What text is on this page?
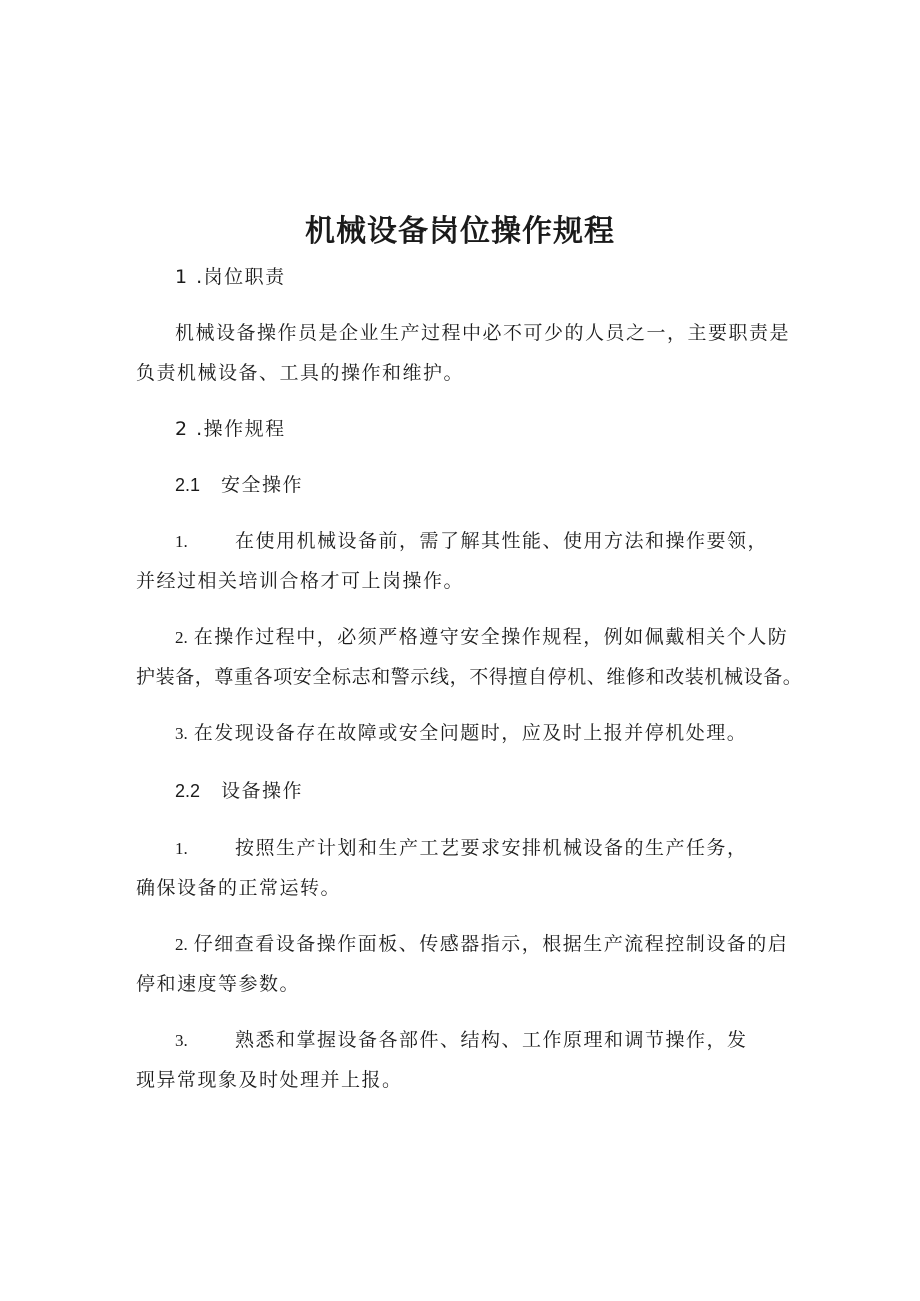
机械设备岗位操作规程
1 .岗位职责
机械设备操作员是企业生产过程中必不可少的人员之一，主要职责是
负责机械设备、工具的操作和维护。
2 .操作规程
2.1 安全操作
1. 在使用机械设备前，需了解其性能、使用方法和操作要领，
并经过相关培训合格才可上岗操作。
2. 在操作过程中，必须严格遵守安全操作规程，例如佩戴相关个人防
护装备，尊重各项安全标志和警示线，不得擅自停机、维修和改装机械设备。
3. 在发现设备存在故障或安全问题时，应及时上报并停机处理。
2.2 设备操作
1. 按照生产计划和生产工艺要求安排机械设备的生产任务，
确保设备的正常运转。
2. 仔细查看设备操作面板、传感器指示，根据生产流程控制设备的启
停和速度等参数。
3. 熟悉和掌握设备各部件、结构、工作原理和调节操作，发
现异常现象及时处理并上报。
